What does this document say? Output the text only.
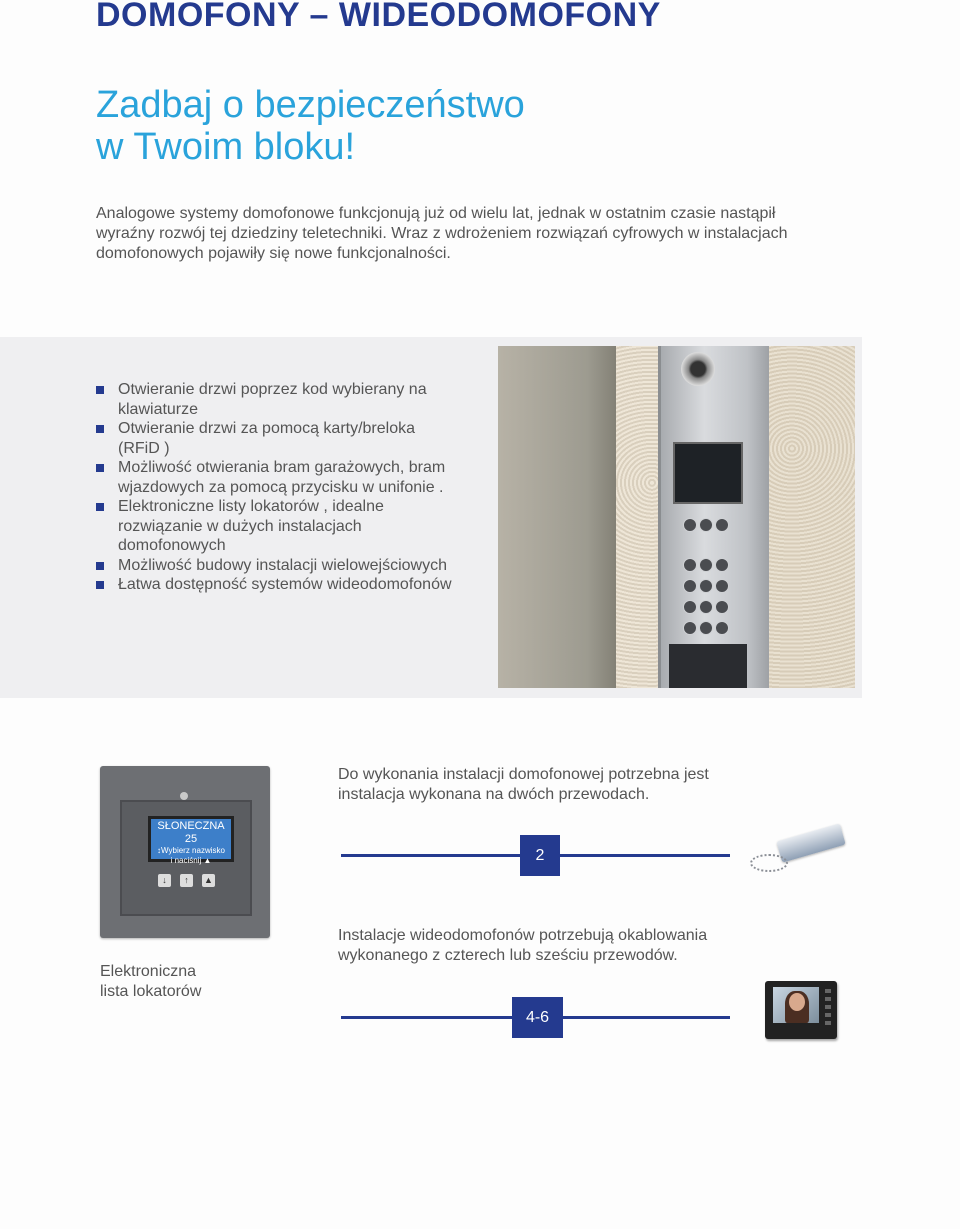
DOMOFONY – WIDEODOMOFONY
Zadbaj o bezpieczeństwo
w Twoim bloku!
Analogowe systemy domofonowe funkcjonują już od wielu lat, jednak w ostatnim czasie nastąpił wyraźny rozwój tej dziedziny teletechniki. Wraz z wdrożeniem rozwiązań cyfrowych w instalacjach domofonowych pojawiły się nowe funkcjonalności.
Otwieranie drzwi poprzez kod wybierany na klawiaturze
Otwieranie drzwi za pomocą karty/breloka (RFiD )
Możliwość otwierania bram garażowych, bram wjazdowych za pomocą przycisku w unifonie .
Elektroniczne listy lokatorów , idealne rozwiązanie w dużych instalacjach domofonowych
Możliwość budowy instalacji wielowejściowych
Łatwa dostępność systemów wideodomofonów
SŁONECZNA 25
↕Wybierz nazwisko
i naciśnij ▲
↓	↑	▲
Elektroniczna
lista lokatorów
Do wykonania instalacji domofonowej potrzebna jest instalacja wykonana na dwóch przewodach.
2
Instalacje wideodomofonów potrzebują okablowania wykonanego z czterech lub sześciu przewodów.
4-6
